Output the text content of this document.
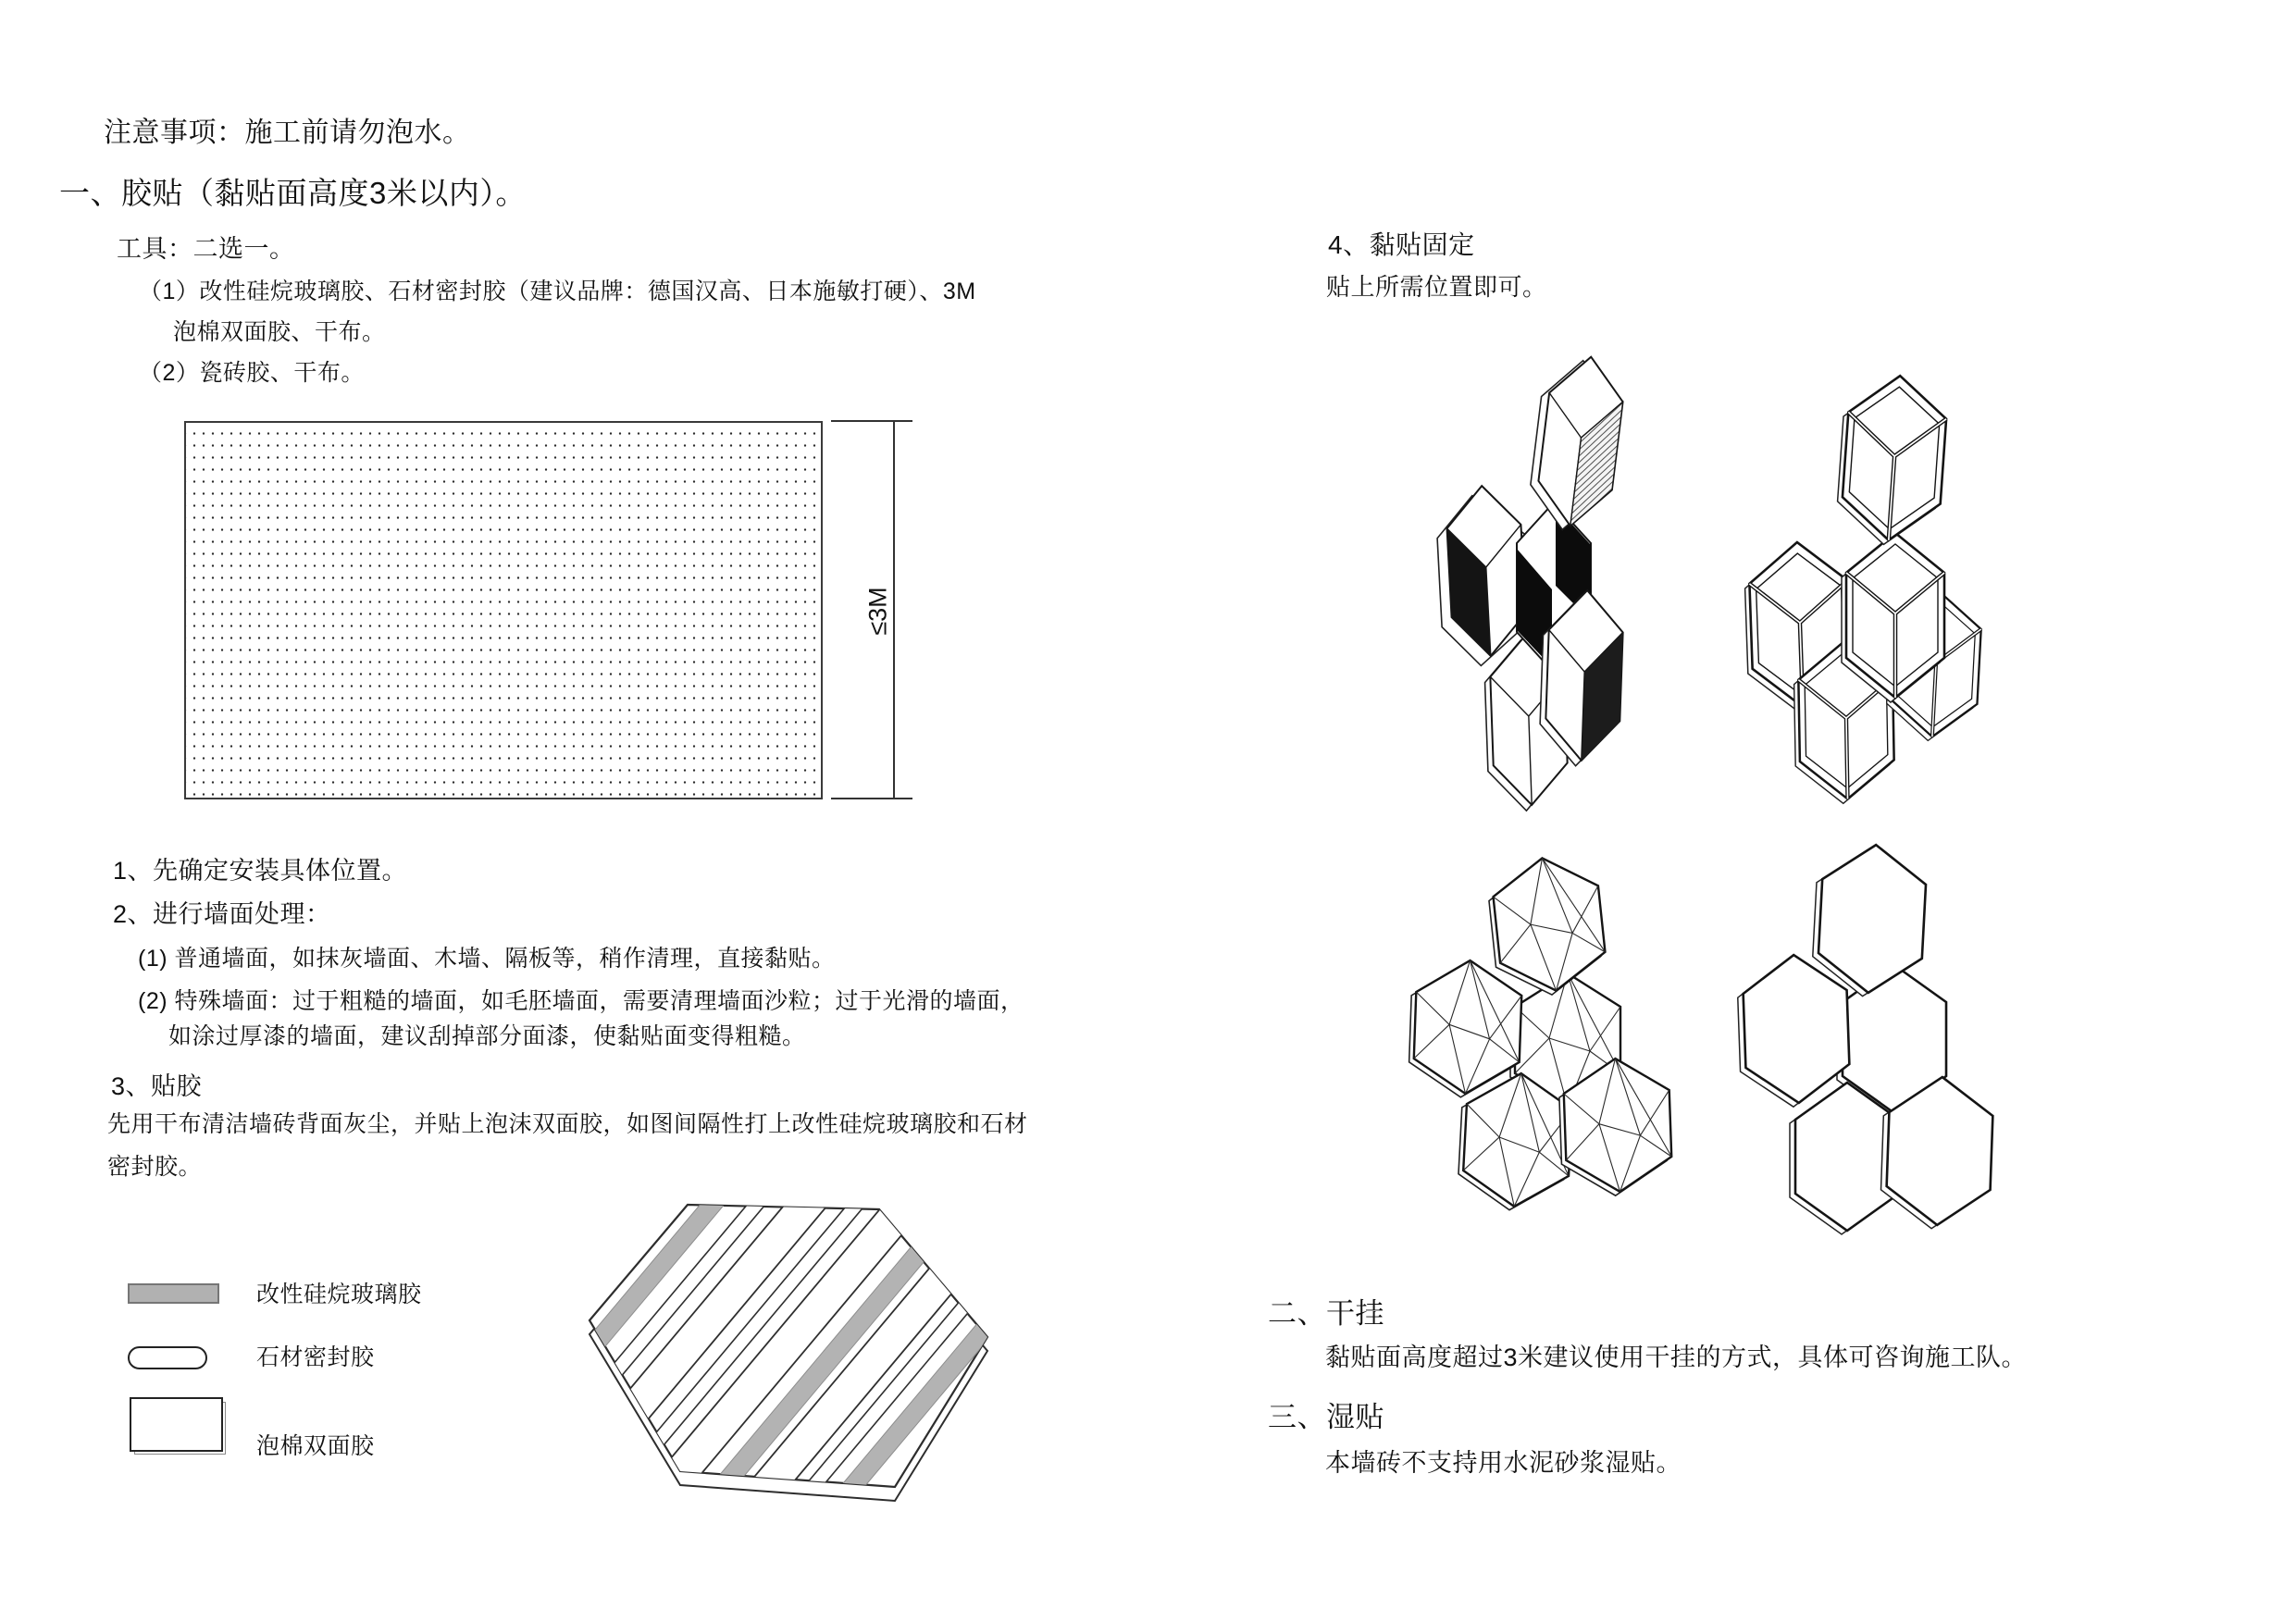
注意事项：施工前请勿泡水。
一、胶贴（黏贴面高度3米以内）。
工具：二选一。
（1）改性硅烷玻璃胶、石材密封胶（建议品牌：德国汉高、日本施敏打硬）、3M
泡棉双面胶、干布。
（2）瓷砖胶、干布。
≤3M
1、先确定安装具体位置。
2、进行墙面处理：
(1) 普通墙面，如抹灰墙面、木墙、隔板等，稍作清理，直接黏贴。
(2) 特殊墙面：过于粗糙的墙面，如毛胚墙面，需要清理墙面沙粒；过于光滑的墙面，
如涂过厚漆的墙面，建议刮掉部分面漆，使黏贴面变得粗糙。
3、贴胶
先用干布清洁墙砖背面灰尘，并贴上泡沫双面胶，如图间隔性打上改性硅烷玻璃胶和石材
密封胶。
改性硅烷玻璃胶
石材密封胶
泡棉双面胶
4、黏贴固定
贴上所需位置即可。
二、干挂
黏贴面高度超过3米建议使用干挂的方式，具体可咨询施工队。
三、湿贴
本墙砖不支持用水泥砂浆湿贴。
